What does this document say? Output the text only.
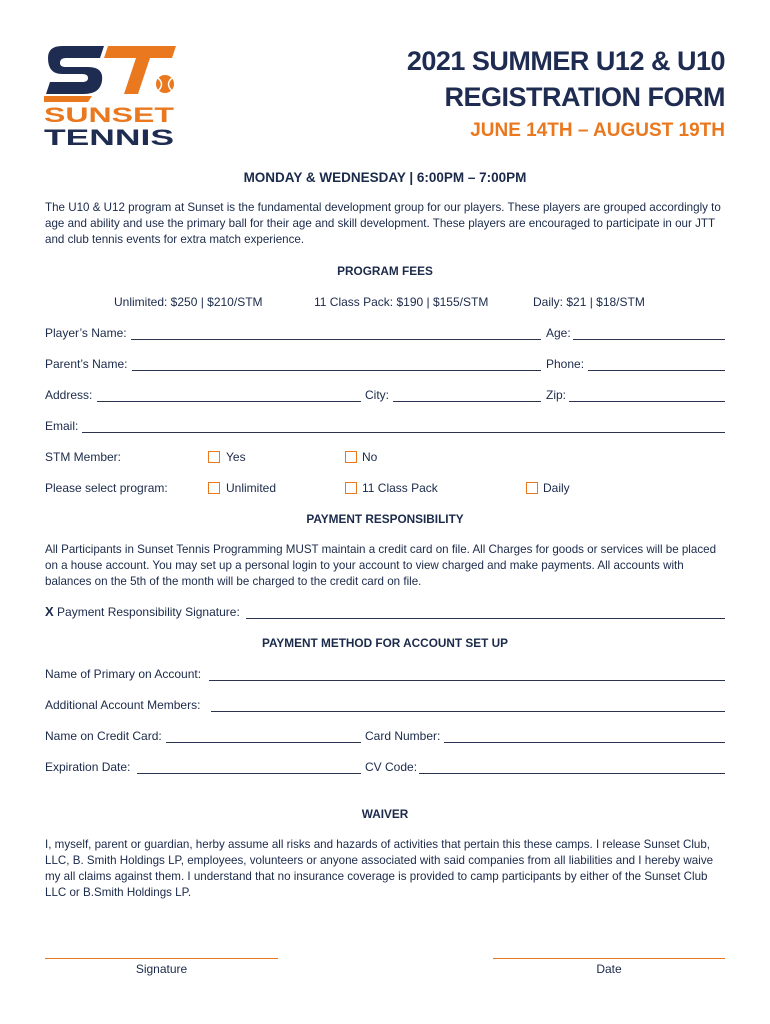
SUNSET
TENNIS
2021 SUMMER U12 & U10
REGISTRATION FORM
JUNE 14TH – AUGUST 19TH
MONDAY & WEDNESDAY | 6:00PM – 7:00PM
The U10 & U12 program at Sunset is the fundamental development group for our players. These players are grouped accordingly to age and ability and use the primary ball for their age and skill development. These players are encouraged to participate in our JTT and club tennis events for extra match experience.
PROGRAM FEES
Unlimited: $250 | $210/STM	11 Class Pack: $190 | $155/STM	Daily: $21 | $18/STM
Player’s Name:	Age:
Parent’s Name:	Phone:
Address:	City:	Zip:
Email:
STM Member:	Yes	No
Please select program:	Unlimited	11 Class Pack	Daily
PAYMENT RESPONSIBILITY
All Participants in Sunset Tennis Programming MUST maintain a credit card on file. All Charges for goods or services will be placed on a house account. You may set up a personal login to your account to view charged and make payments. All accounts with balances on the 5th of the month will be charged to the credit card on file.
X Payment Responsibility Signature:
PAYMENT METHOD FOR ACCOUNT SET UP
Name of Primary on Account:
Additional Account Members:
Name on Credit Card:	Card Number:
Expiration Date:	CV Code:
WAIVER
I, myself, parent or guardian, herby assume all risks and hazards of activities that pertain this these camps. I release Sunset Club, LLC, B. Smith Holdings LP, employees, volunteers or anyone associated with said companies from all liabilities and I hereby waive my all claims against them. I understand that no insurance coverage is provided to camp participants by either of the Sunset Club LLC or B.Smith Holdings LP.
Signature	Date
